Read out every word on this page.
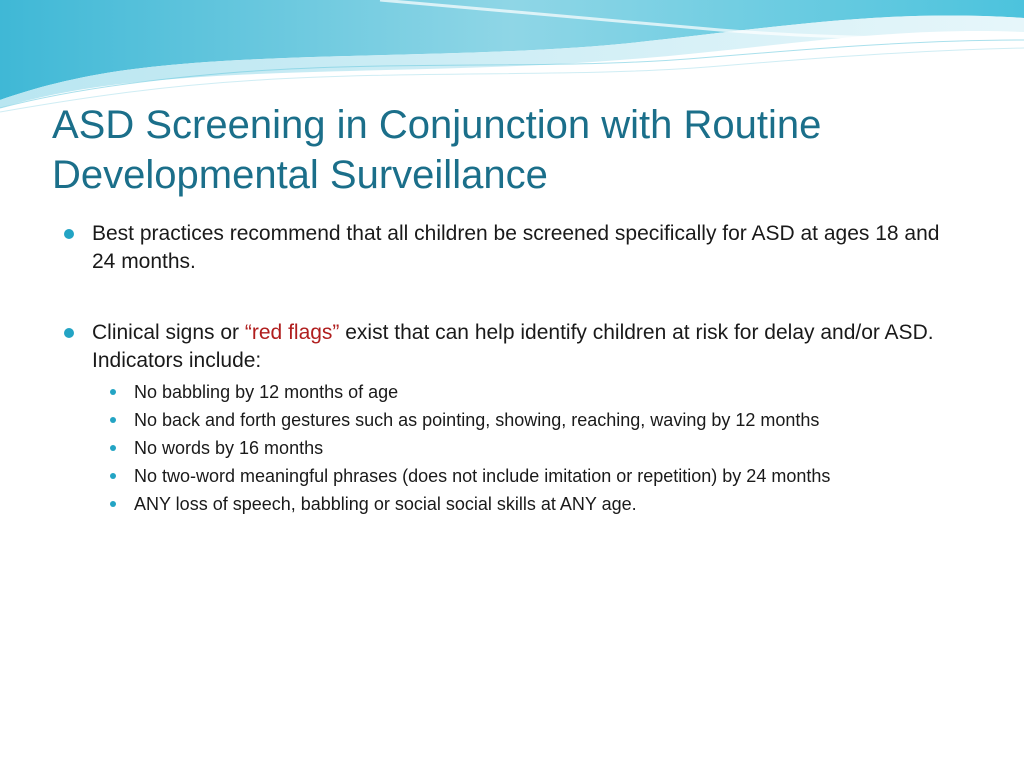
ASD Screening in Conjunction with Routine
Developmental Surveillance
Best practices recommend that all children be screened specifically for ASD at ages 18 and 24 months.
Clinical signs or “red flags” exist that can help identify children at risk for delay and/or ASD. Indicators include:
No babbling by 12 months of age
No back and forth gestures such as pointing, showing, reaching, waving by 12 months
No words by 16 months
No two-word meaningful phrases (does not include imitation or repetition) by 24 months
ANY loss of speech, babbling or social social skills at ANY age.
